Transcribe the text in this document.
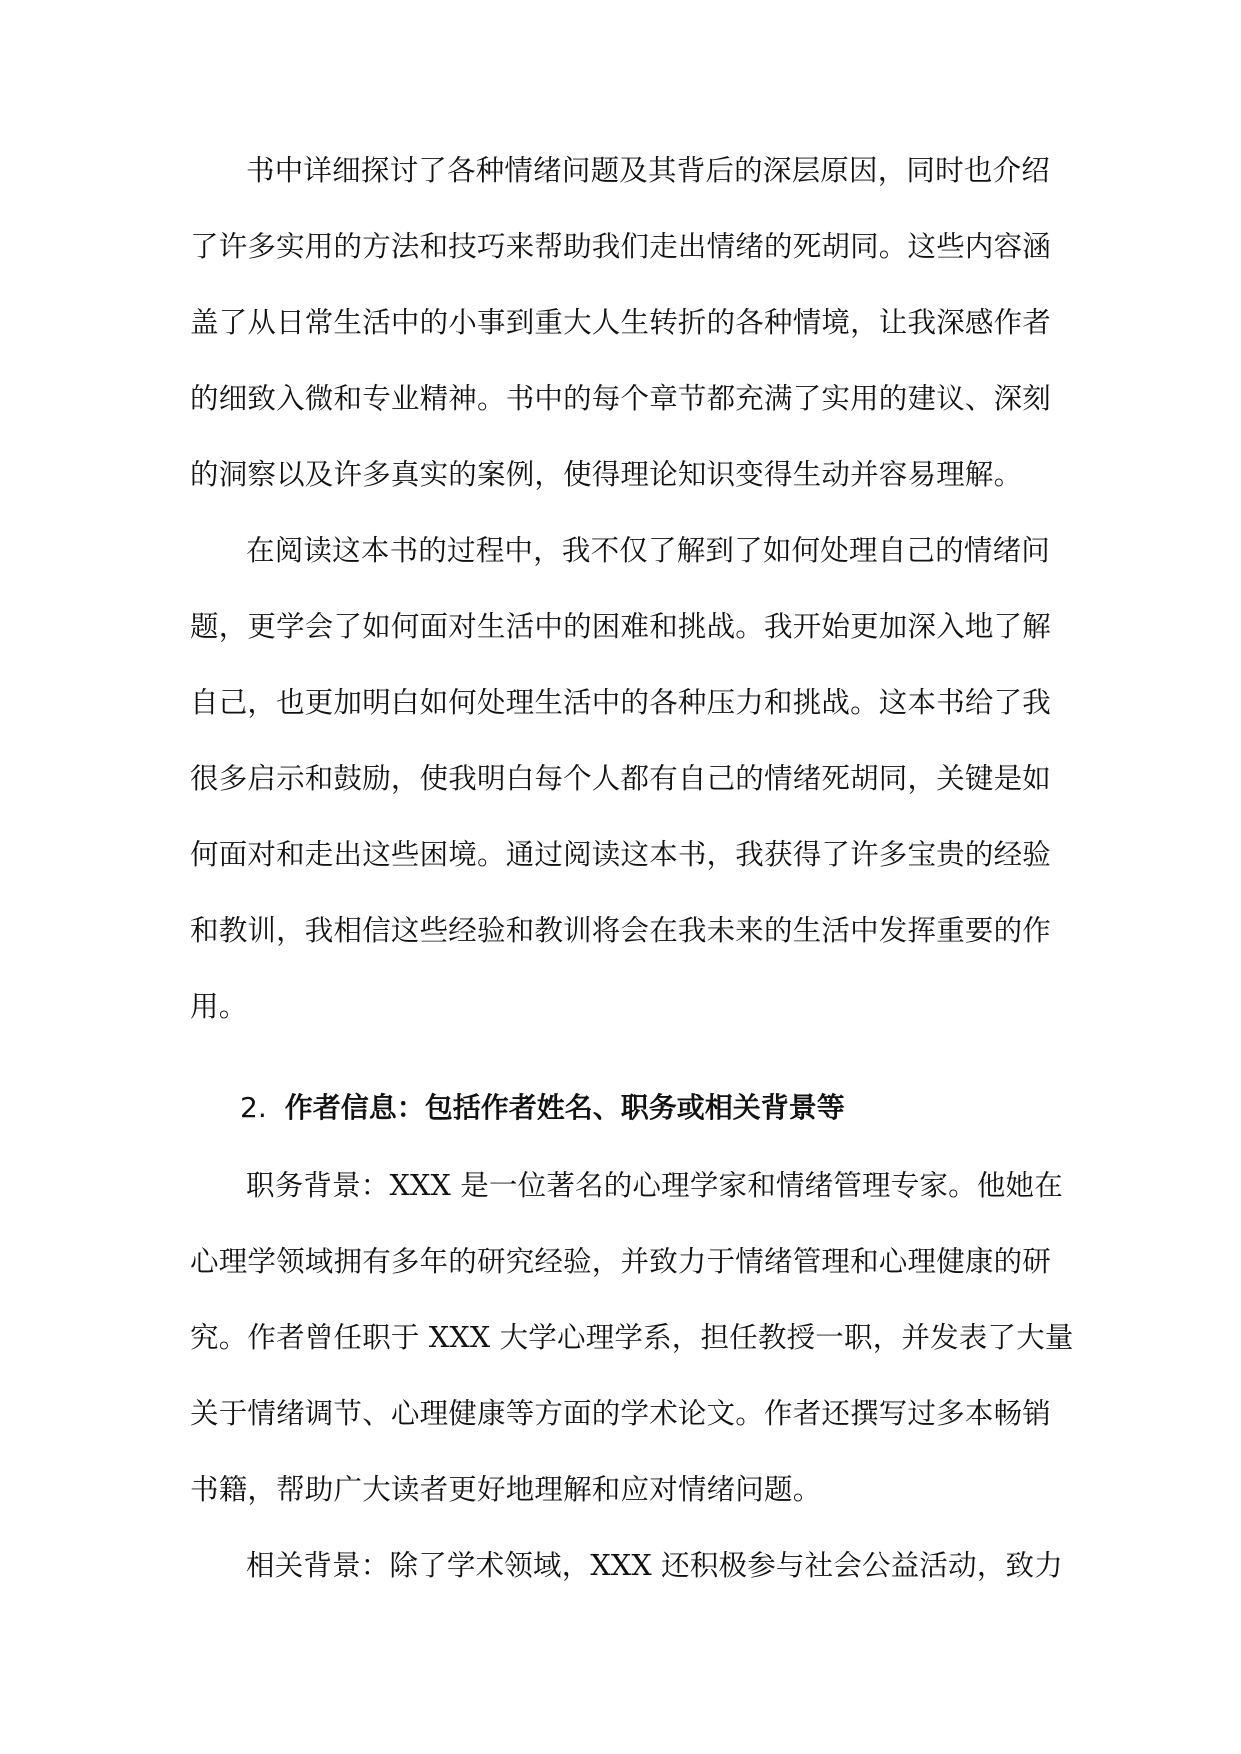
书中详细探讨了各种情绪问题及其背后的深层原因，同时也介绍
了许多实用的方法和技巧来帮助我们走出情绪的死胡同。这些内容涵
盖了从日常生活中的小事到重大人生转折的各种情境，让我深感作者
的细致入微和专业精神。书中的每个章节都充满了实用的建议、深刻
的洞察以及许多真实的案例，使得理论知识变得生动并容易理解。
在阅读这本书的过程中，我不仅了解到了如何处理自己的情绪问
题，更学会了如何面对生活中的困难和挑战。我开始更加深入地了解
自己，也更加明白如何处理生活中的各种压力和挑战。这本书给了我
很多启示和鼓励，使我明白每个人都有自己的情绪死胡同，关键是如
何面对和走出这些困境。通过阅读这本书，我获得了许多宝贵的经验
和教训，我相信这些经验和教训将会在我未来的生活中发挥重要的作
用。
2. 作者信息：包括作者姓名、职务或相关背景等
职务背景：XXX 是一位著名的心理学家和情绪管理专家。他她在
心理学领域拥有多年的研究经验，并致力于情绪管理和心理健康的研
究。作者曾任职于 XXX 大学心理学系，担任教授一职，并发表了大量
关于情绪调节、心理健康等方面的学术论文。作者还撰写过多本畅销
书籍，帮助广大读者更好地理解和应对情绪问题。
相关背景：除了学术领域，XXX 还积极参与社会公益活动，致力
